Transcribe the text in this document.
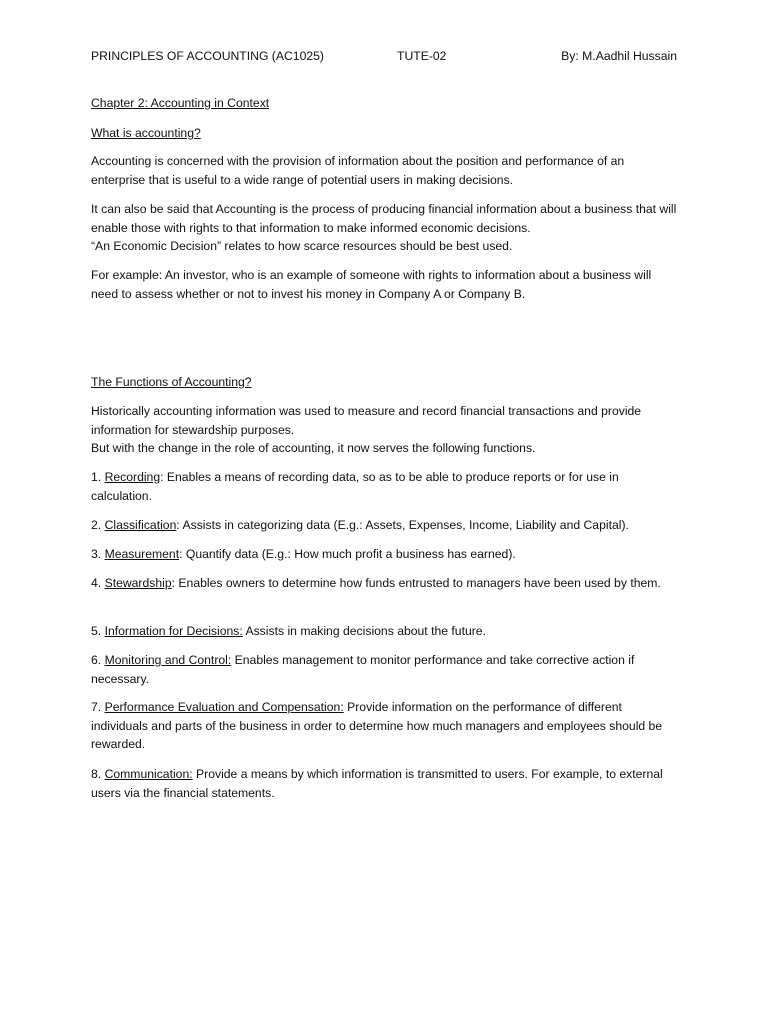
PRINCIPLES OF ACCOUNTING (AC1025)	TUTE-02	By: M.Aadhil Hussain

Chapter 2: Accounting in Context

What is accounting?

Accounting is concerned with the provision of information about the position and performance of an enterprise that is useful to a wide range of potential users in making decisions.

It can also be said that Accounting is the process of producing financial information about a business that will enable those with rights to that information to make informed economic decisions.
“An Economic Decision” relates to how scarce resources should be best used.

For example: An investor, who is an example of someone with rights to information about a business will need to assess whether or not to invest his money in Company A or Company B.

The Functions of Accounting?

Historically accounting information was used to measure and record financial transactions and provide information for stewardship purposes.
But with the change in the role of accounting, it now serves the following functions.

1. Recording: Enables a means of recording data, so as to be able to produce reports or for use in calculation.

2. Classification: Assists in categorizing data (E.g.: Assets, Expenses, Income, Liability and Capital).

3. Measurement: Quantify data (E.g.: How much profit a business has earned).

4. Stewardship: Enables owners to determine how funds entrusted to managers have been used by them.

5. Information for Decisions: Assists in making decisions about the future.

6. Monitoring and Control: Enables management to monitor performance and take corrective action if necessary.

7. Performance Evaluation and Compensation: Provide information on the performance of different individuals and parts of the business in order to determine how much managers and employees should be rewarded.

8. Communication: Provide a means by which information is transmitted to users. For example, to external users via the financial statements.
